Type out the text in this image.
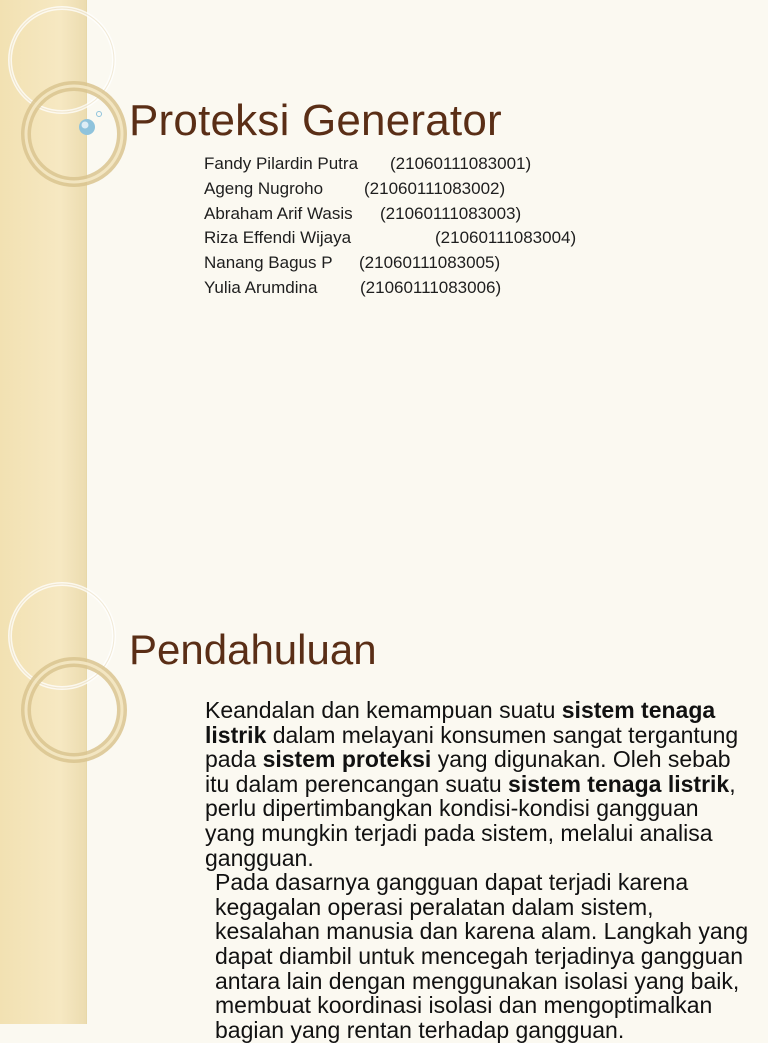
Proteksi Generator
Fandy Pilardin Putra	(21060111083001)
Ageng Nugroho	(21060111083002)
Abraham Arif Wasis	(21060111083003)
Riza Effendi Wijaya	(21060111083004)
Nanang Bagus P	(21060111083005)
Yulia Arumdina	(21060111083006)
Pendahuluan

Keandalan dan kemampuan suatu sistem tenaga listrik dalam melayani konsumen sangat tergantung pada sistem proteksi yang digunakan. Oleh sebab itu dalam perencangan suatu sistem tenaga listrik, perlu dipertimbangkan kondisi-kondisi gangguan yang mungkin terjadi pada sistem, melalui analisa gangguan.

Pada dasarnya gangguan dapat terjadi karena kegagalan operasi peralatan dalam sistem, kesalahan manusia dan karena alam. Langkah yang dapat diambil untuk mencegah terjadinya gangguan antara lain dengan menggunakan isolasi yang baik, membuat koordinasi isolasi dan mengoptimalkan bagian yang rentan terhadap gangguan.
